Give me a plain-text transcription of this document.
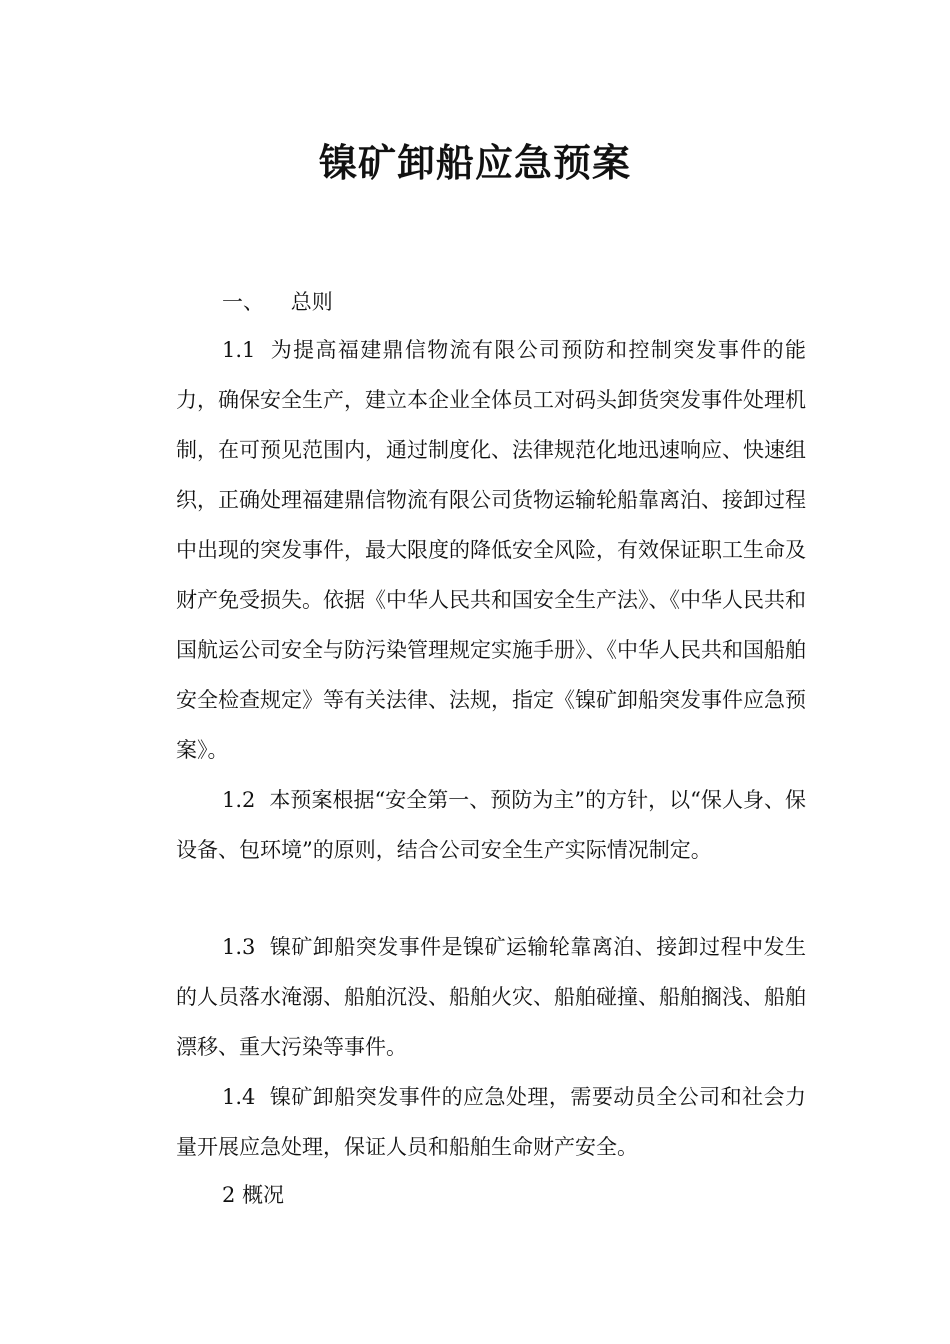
镍矿卸船应急预案
一、 总则

1.1 为提高福建鼎信物流有限公司预防和控制突发事件的能力，确保安全生产，建立本企业全体员工对码头卸货突发事件处理机制，在可预见范围内，通过制度化、法律规范化地迅速响应、快速组织，正确处理福建鼎信物流有限公司货物运输轮船靠离泊、接卸过程中出现的突发事件，最大限度的降低安全风险，有效保证职工生命及财产免受损失。依据《中华人民共和国安全生产法》、《中华人民共和国航运公司安全与防污染管理规定实施手册》、《中华人民共和国船舶安全检查规定》等有关法律、法规，指定《镍矿卸船突发事件应急预案》。

1.2 本预案根据“安全第一、预防为主”的方针，以“保人身、保设备、包环境”的原则，结合公司安全生产实际情况制定。

1.3 镍矿卸船突发事件是镍矿运输轮靠离泊、接卸过程中发生的人员落水淹溺、船舶沉没、船舶火灾、船舶碰撞、船舶搁浅、船舶漂移、重大污染等事件。

1.4 镍矿卸船突发事件的应急处理，需要动员全公司和社会力量开展应急处理，保证人员和船舶生命财产安全。

2 概况
